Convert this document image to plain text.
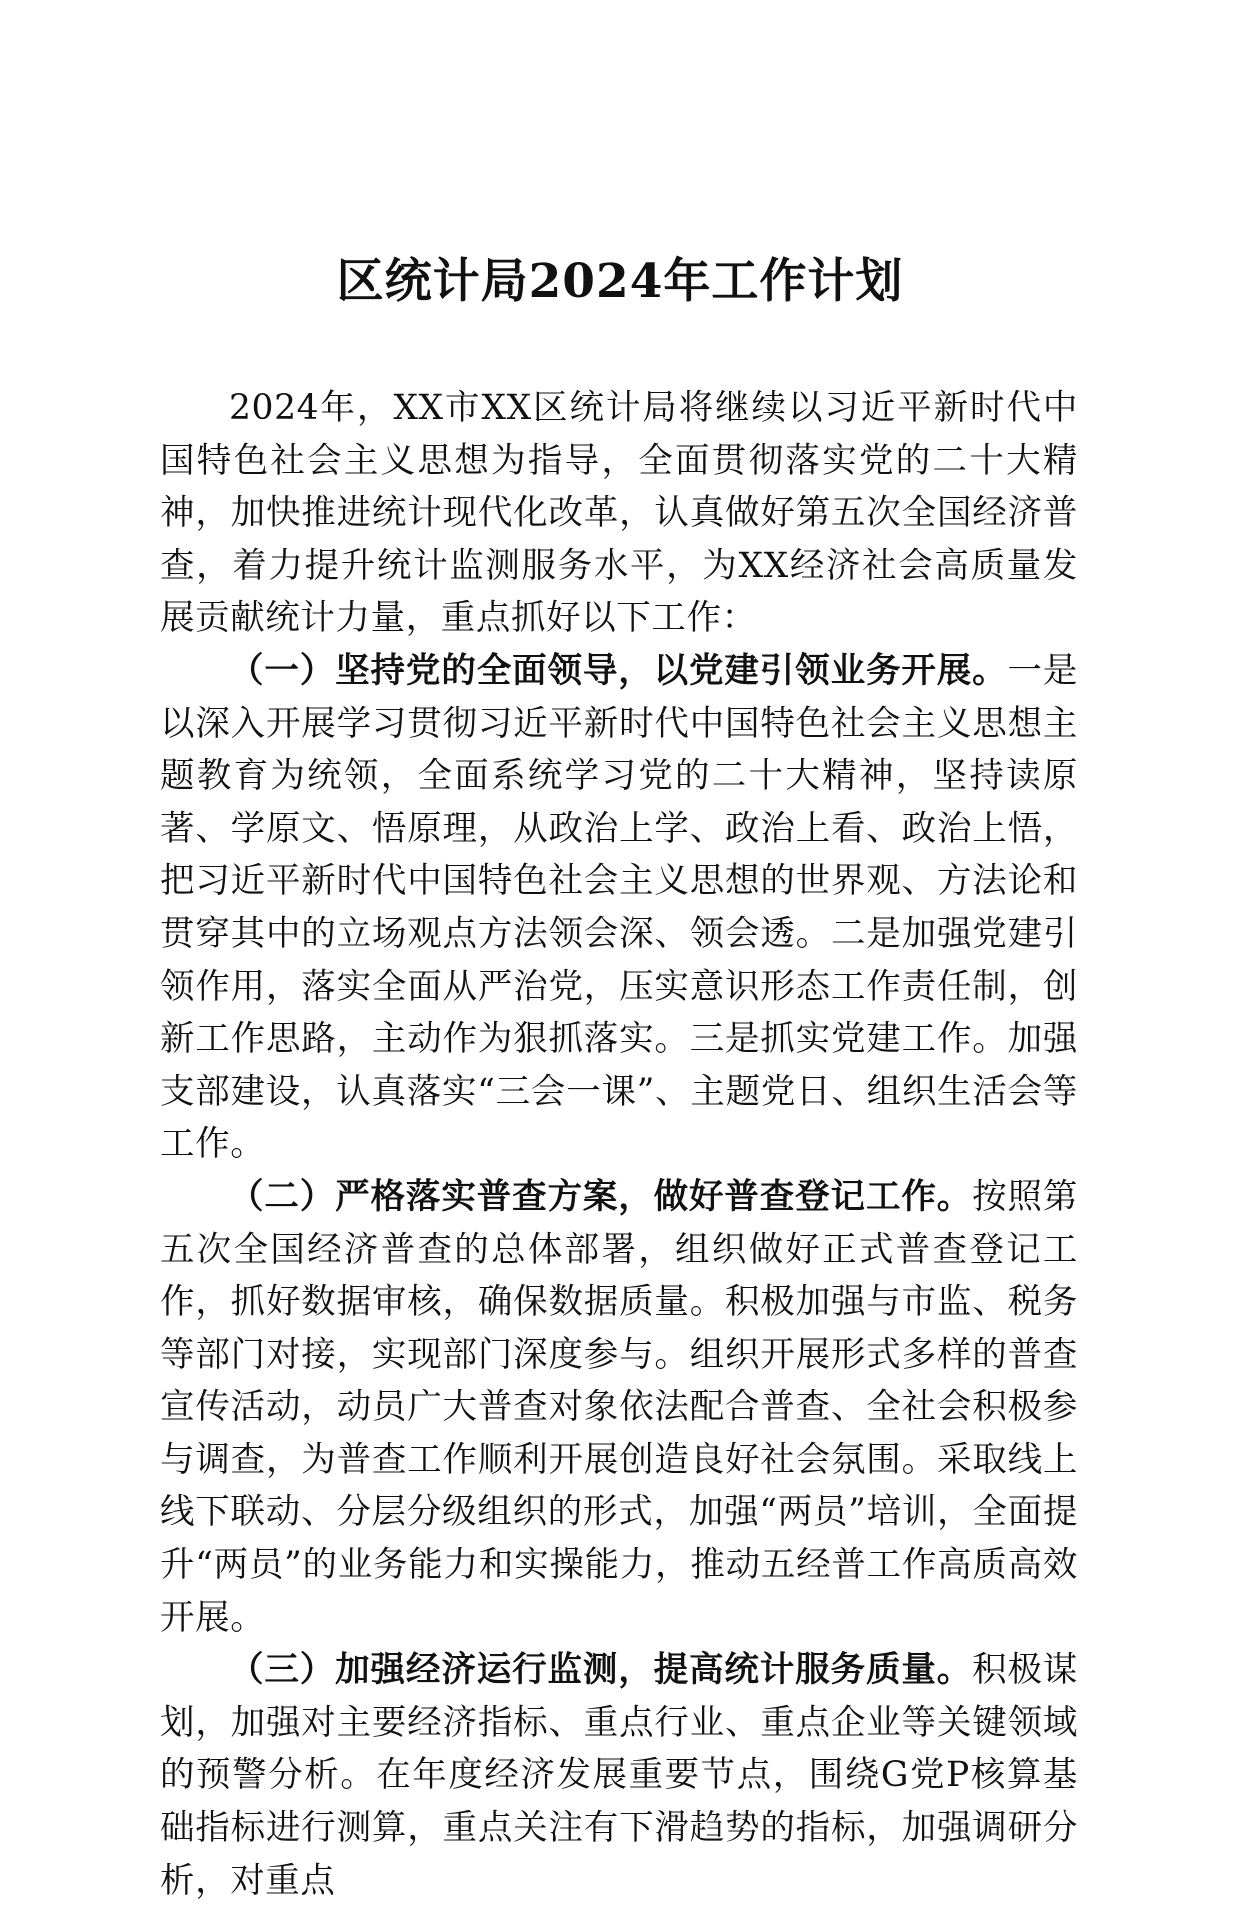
区统计局2024年工作计划

2024年，XX市XX区统计局将继续以习近平新时代中国特色社会主义思想为指导，全面贯彻落实党的二十大精神，加快推进统计现代化改革，认真做好第五次全国经济普查，着力提升统计监测服务水平，为XX经济社会高质量发展贡献统计力量，重点抓好以下工作：

（一）坚持党的全面领导，以党建引领业务开展。一是以深入开展学习贯彻习近平新时代中国特色社会主义思想主题教育为统领，全面系统学习党的二十大精神，坚持读原著、学原文、悟原理，从政治上学、政治上看、政治上悟，把习近平新时代中国特色社会主义思想的世界观、方法论和贯穿其中的立场观点方法领会深、领会透。二是加强党建引领作用，落实全面从严治党，压实意识形态工作责任制，创新工作思路，主动作为狠抓落实。三是抓实党建工作。加强支部建设，认真落实“三会一课”、主题党日、组织生活会等工作。

（二）严格落实普查方案，做好普查登记工作。按照第五次全国经济普查的总体部署，组织做好正式普查登记工作，抓好数据审核，确保数据质量。积极加强与市监、税务等部门对接，实现部门深度参与。组织开展形式多样的普查宣传活动，动员广大普查对象依法配合普查、全社会积极参与调查，为普查工作顺利开展创造良好社会氛围。采取线上线下联动、分层分级组织的形式，加强“两员”培训，全面提升“两员”的业务能力和实操能力，推动五经普工作高质高效开展。

（三）加强经济运行监测，提高统计服务质量。积极谋划，加强对主要经济指标、重点行业、重点企业等关键领域的预警分析。在年度经济发展重要节点，围绕G党P核算基础指标进行测算，重点关注有下滑趋势的指标，加强调研分析，对重点
